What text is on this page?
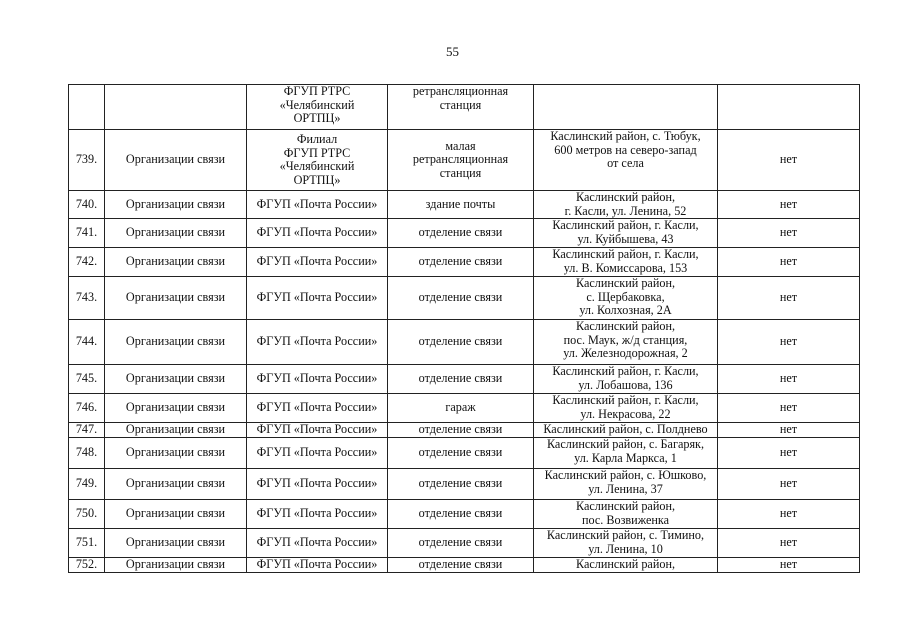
55

		ФГУП РТРС
«Челябинский
ОРТПЦ»	ретрансляционная
станция		

739.	Организации связи	Филиал
ФГУП РТРС
«Челябинский
ОРТПЦ»	малая
ретрансляционная
станция	Каслинский район, с. Тюбук,
600 метров на северо-запад
от села	нет
740.	Организации связи	ФГУП «Почта России»	здание почты	Каслинский район,
г. Касли, ул. Ленина, 52	нет
741.	Организации связи	ФГУП «Почта России»	отделение связи	Каслинский район, г. Касли,
ул. Куйбышева, 43	нет
742.	Организации связи	ФГУП «Почта России»	отделение связи	Каслинский район, г. Касли,
ул. В. Комиссарова, 153	нет
743.	Организации связи	ФГУП «Почта России»	отделение связи	Каслинский район,
с. Щербаковка,
ул. Колхозная, 2А	нет
744.	Организации связи	ФГУП «Почта России»	отделение связи	Каслинский район,
пос. Маук, ж/д станция,
ул. Железнодорожная, 2	нет
745.	Организации связи	ФГУП «Почта России»	отделение связи	Каслинский район, г. Касли,
ул. Лобашова, 136	нет
746.	Организации связи	ФГУП «Почта России»	гараж	Каслинский район, г. Касли,
ул. Некрасова, 22	нет
747.	Организации связи	ФГУП «Почта России»	отделение связи	Каслинский район, с. Полднево	нет
748.	Организации связи	ФГУП «Почта России»	отделение связи	Каслинский район, с. Багаряк,
ул. Карла Маркса, 1	нет
749.	Организации связи	ФГУП «Почта России»	отделение связи	Каслинский район, с. Юшково,
ул. Ленина, 37	нет
750.	Организации связи	ФГУП «Почта России»	отделение связи	Каслинский район,
пос. Возвиженка	нет
751.	Организации связи	ФГУП «Почта России»	отделение связи	Каслинский район, с. Тимино,
ул. Ленина, 10	нет
752.	Организации связи	ФГУП «Почта России»	отделение связи	Каслинский район,	нет
